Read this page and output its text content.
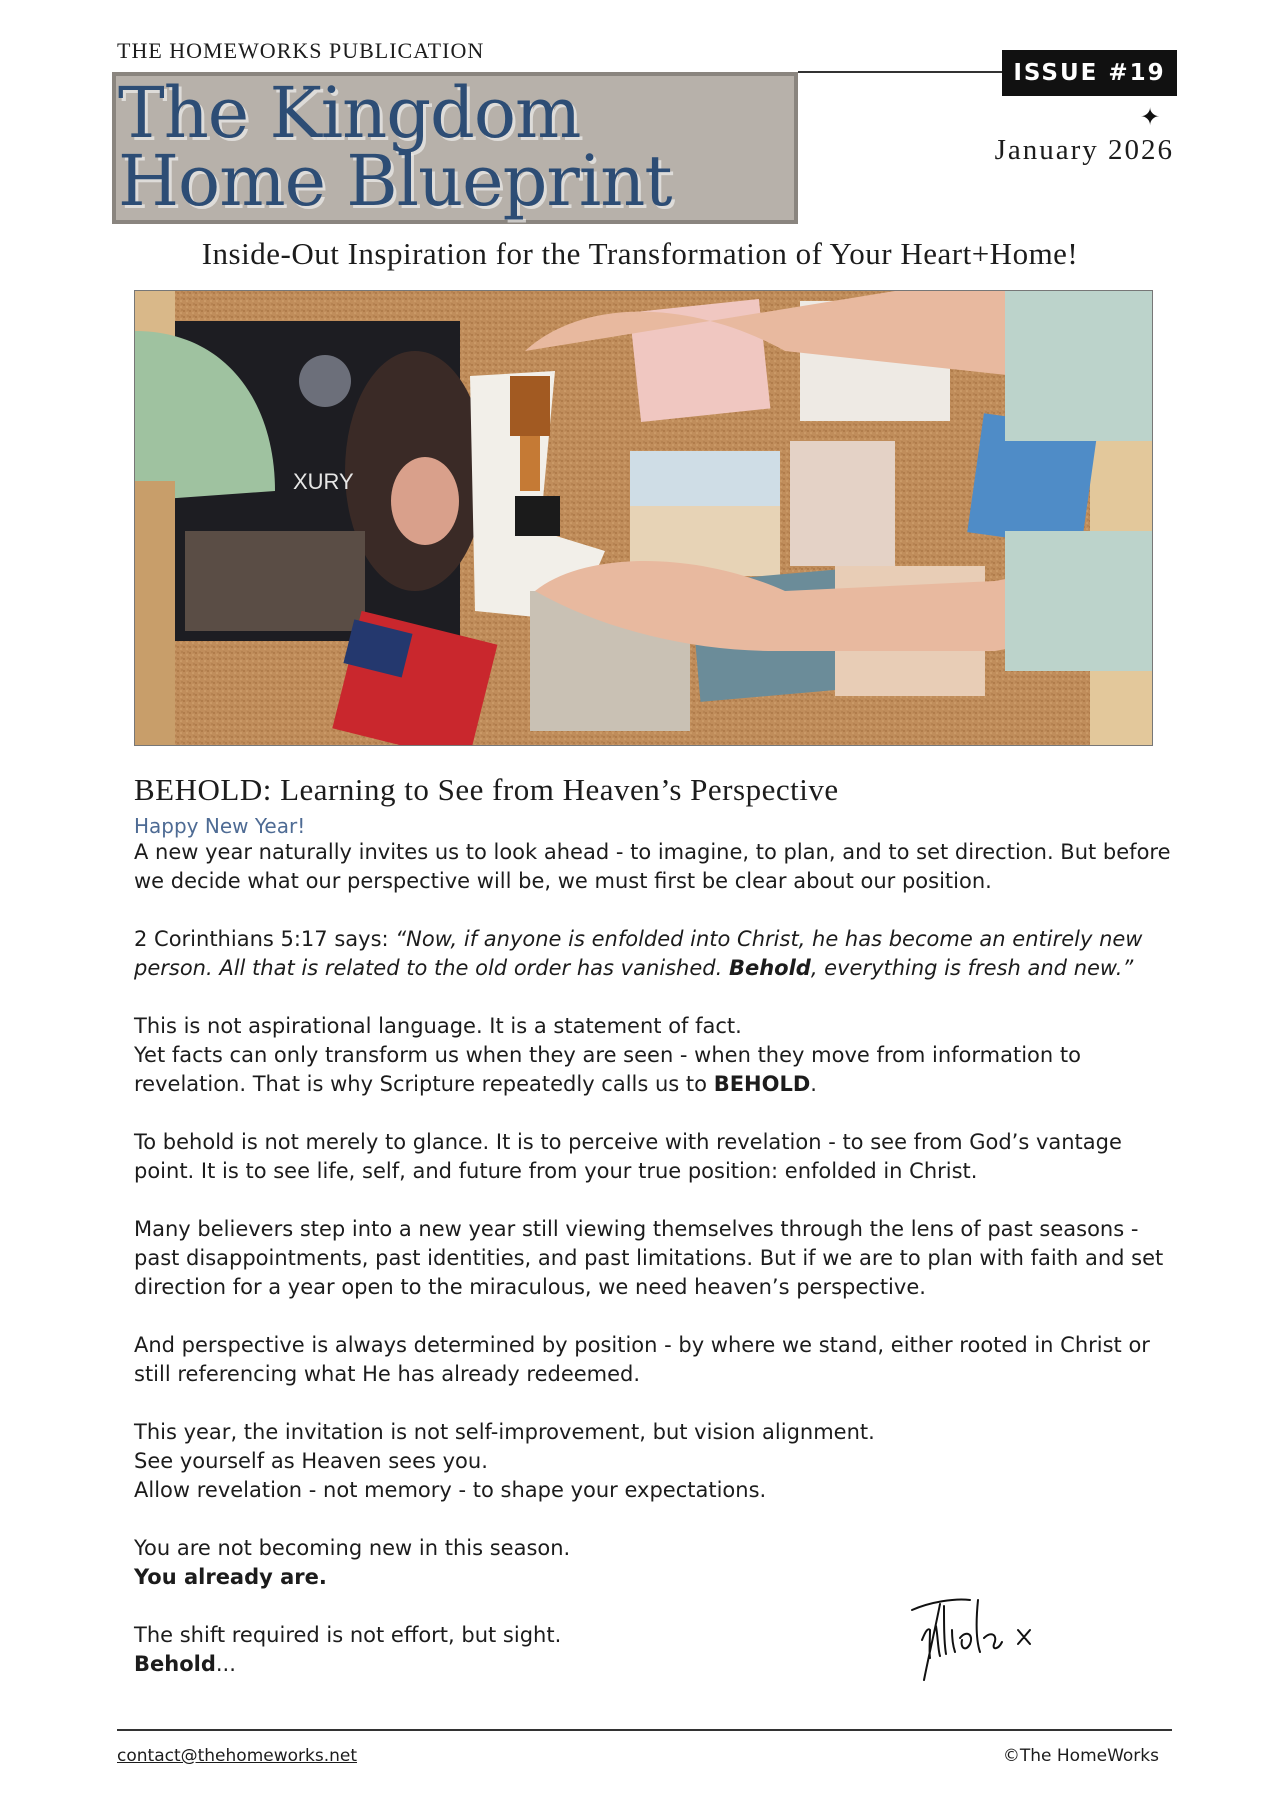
THE HOMEWORKS PUBLICATION
The Kingdom
Home Blueprint
ISSUE #19
✦
January 2026
Inside-Out Inspiration for the Transformation of Your Heart+Home!
XURY
BEHOLD: Learning to See from Heaven’s Perspective
Happy New Year!

A new year naturally invites us to look ahead - to imagine, to plan, and to set direction. But before we decide what our perspective will be, we must first be clear about our position.

2 Corinthians 5:17 says: “Now, if anyone is enfolded into Christ, he has become an entirely new person. All that is related to the old order has vanished. Behold, everything is fresh and new.”

This is not aspirational language. It is a statement of fact.
Yet facts can only transform us when they are seen - when they move from information to revelation. That is why Scripture repeatedly calls us to BEHOLD.

To behold is not merely to glance. It is to perceive with revelation - to see from God’s vantage point. It is to see life, self, and future from your true position: enfolded in Christ.

Many believers step into a new year still viewing themselves through the lens of past seasons - past disappointments, past identities, and past limitations. But if we are to plan with faith and set direction for a year open to the miraculous, we need heaven’s perspective.

And perspective is always determined by position - by where we stand, either rooted in Christ or still referencing what He has already redeemed.

This year, the invitation is not self-improvement, but vision alignment.
See yourself as Heaven sees you.
Allow revelation - not memory - to shape your expectations.

You are not becoming new in this season.
You already are.

The shift required is not effort, but sight.
Behold...

contact@thehomeworks.net	©The HomeWorks
